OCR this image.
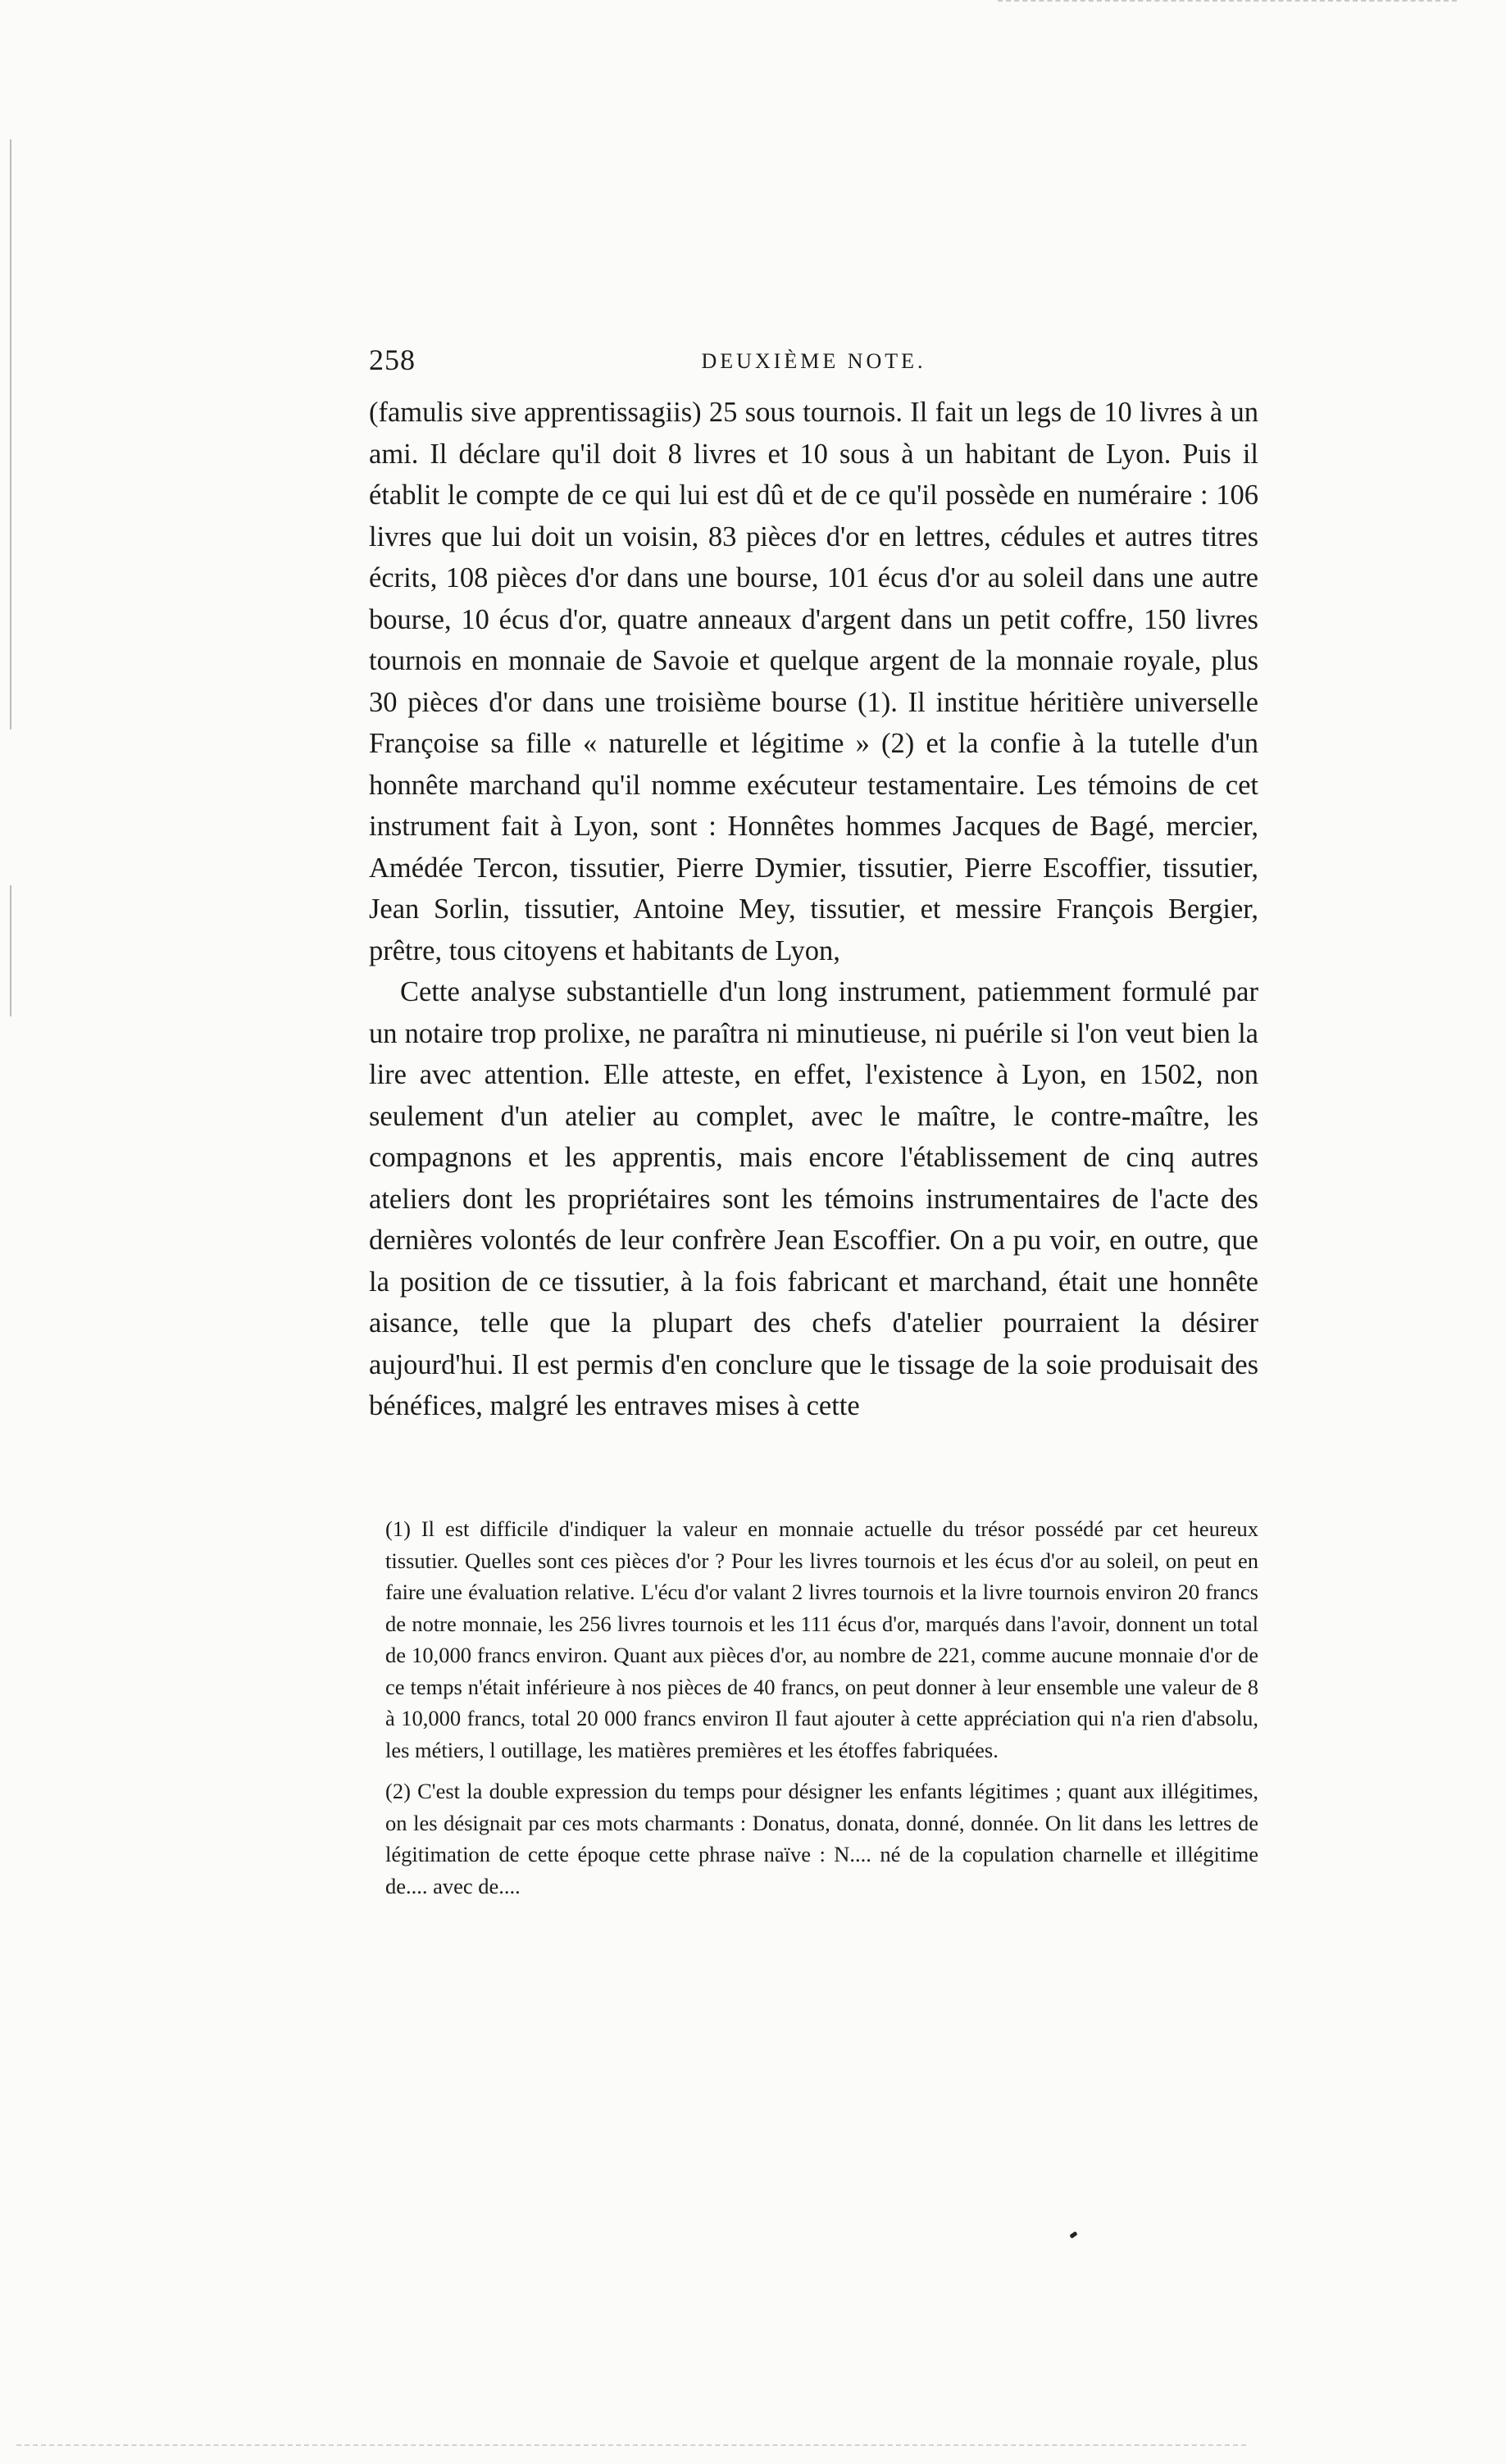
258	DEUXIÈME NOTE.

(famulis sive apprentissagiis) 25 sous tournois. Il fait un legs de 10 livres à un ami. Il déclare qu'il doit 8 livres et 10 sous à un habitant de Lyon. Puis il établit le compte de ce qui lui est dû et de ce qu'il possède en numéraire : 106 livres que lui doit un voisin, 83 pièces d'or en lettres, cédules et autres titres écrits, 108 pièces d'or dans une bourse, 101 écus d'or au soleil dans une autre bourse, 10 écus d'or, quatre anneaux d'argent dans un petit coffre, 150 livres tournois en monnaie de Savoie et quelque argent de la monnaie royale, plus 30 pièces d'or dans une troisième bourse (1). Il institue héritière universelle Françoise sa fille « naturelle et légitime » (2) et la confie à la tutelle d'un honnête marchand qu'il nomme exécuteur testamentaire. Les témoins de cet instrument fait à Lyon, sont : Honnêtes hommes Jacques de Bagé, mercier, Amédée Tercon, tissutier, Pierre Dymier, tissutier, Pierre Escoffier, tissutier, Jean Sorlin, tissutier, Antoine Mey, tissutier, et messire François Bergier, prêtre, tous citoyens et habitants de Lyon,

Cette analyse substantielle d'un long instrument, patiemment formulé par un notaire trop prolixe, ne paraîtra ni minutieuse, ni puérile si l'on veut bien la lire avec attention. Elle atteste, en effet, l'existence à Lyon, en 1502, non seulement d'un atelier au complet, avec le maître, le contre-maître, les compagnons et les apprentis, mais encore l'établissement de cinq autres ateliers dont les propriétaires sont les témoins instrumentaires de l'acte des dernières volontés de leur confrère Jean Escoffier. On a pu voir, en outre, que la position de ce tissutier, à la fois fabricant et marchand, était une honnête aisance, telle que la plupart des chefs d'atelier pourraient la désirer aujourd'hui. Il est permis d'en conclure que le tissage de la soie produisait des bénéfices, malgré les entraves mises à cette

(1) Il est difficile d'indiquer la valeur en monnaie actuelle du trésor possédé par cet heureux tissutier. Quelles sont ces pièces d'or ? Pour les livres tournois et les écus d'or au soleil, on peut en faire une évaluation relative. L'écu d'or valant 2 livres tournois et la livre tournois environ 20 francs de notre monnaie, les 256 livres tournois et les 111 écus d'or, marqués dans l'avoir, donnent un total de 10,000 francs environ. Quant aux pièces d'or, au nombre de 221, comme aucune monnaie d'or de ce temps n'était inférieure à nos pièces de 40 francs, on peut donner à leur ensemble une valeur de 8 à 10,000 francs, total 20 000 francs environ Il faut ajouter à cette appréciation qui n'a rien d'absolu, les métiers, l outillage, les matières premières et les étoffes fabriquées.

(2) C'est la double expression du temps pour désigner les enfants légitimes ; quant aux illégitimes, on les désignait par ces mots charmants : Donatus, donata, donné, donnée. On lit dans les lettres de légitimation de cette époque cette phrase naïve : N.... né de la copulation charnelle et illégitime de.... avec de....
